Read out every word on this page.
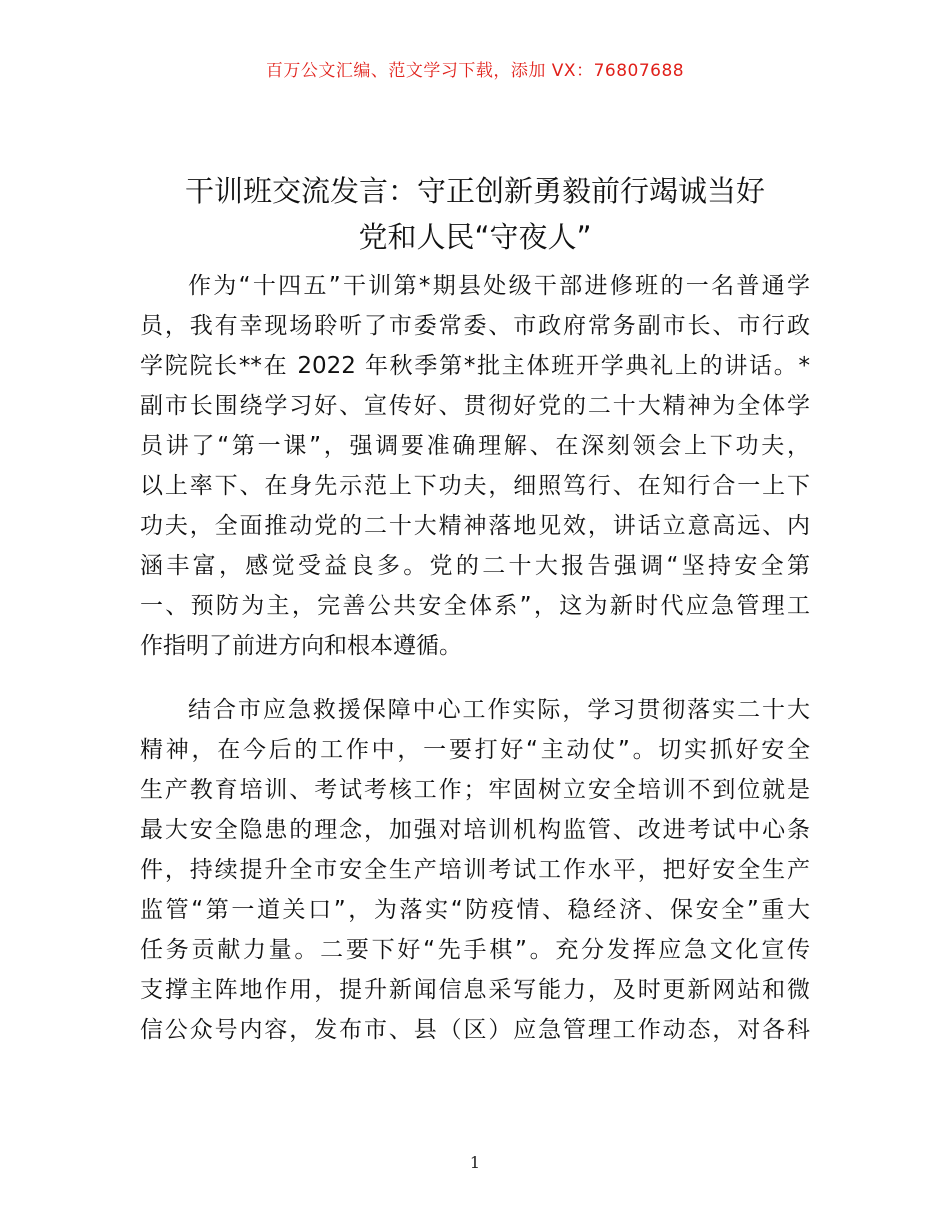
百万公文汇编、范文学习下载，添加 VX：76807688
干训班交流发言：守正创新勇毅前行竭诚当好
党和人民“守夜人”
作为“十四五”干训第*期县处级干部进修班的一名普通学
员，我有幸现场聆听了市委常委、市政府常务副市长、市行政
学院院长**在 2022 年秋季第*批主体班开学典礼上的讲话。*
副市长围绕学习好、宣传好、贯彻好党的二十大精神为全体学
员讲了“第一课”，强调要准确理解、在深刻领会上下功夫，
以上率下、在身先示范上下功夫，细照笃行、在知行合一上下
功夫，全面推动党的二十大精神落地见效，讲话立意高远、内
涵丰富，感觉受益良多。党的二十大报告强调“坚持安全第
一、预防为主，完善公共安全体系”，这为新时代应急管理工
作指明了前进方向和根本遵循。
结合市应急救援保障中心工作实际，学习贯彻落实二十大
精神，在今后的工作中，一要打好“主动仗”。切实抓好安全
生产教育培训、考试考核工作；牢固树立安全培训不到位就是
最大安全隐患的理念，加强对培训机构监管、改进考试中心条
件，持续提升全市安全生产培训考试工作水平，把好安全生产
监管“第一道关口”，为落实“防疫情、稳经济、保安全”重大
任务贡献力量。二要下好“先手棋”。充分发挥应急文化宣传
支撑主阵地作用，提升新闻信息采写能力，及时更新网站和微
信公众号内容，发布市、县（区）应急管理工作动态，对各科
1
